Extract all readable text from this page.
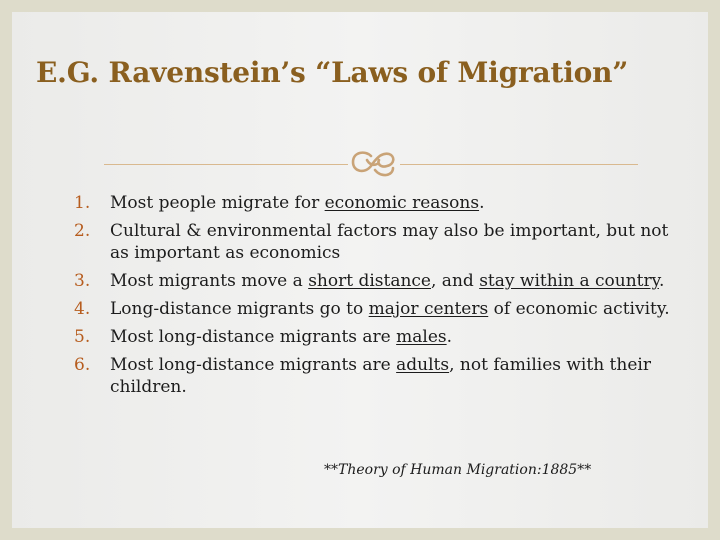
E.G. Ravenstein’s “Laws of Migration”
1. Most people migrate for economic reasons.
2. Cultural & environmental factors may also be important, but not as important as economics
3. Most migrants move a short distance, and stay within a country.
4. Long-distance migrants go to major centers of economic activity.
5. Most long-distance migrants are males.
6. Most long-distance migrants are adults, not families with their children.
**Theory of Human Migration:1885**
